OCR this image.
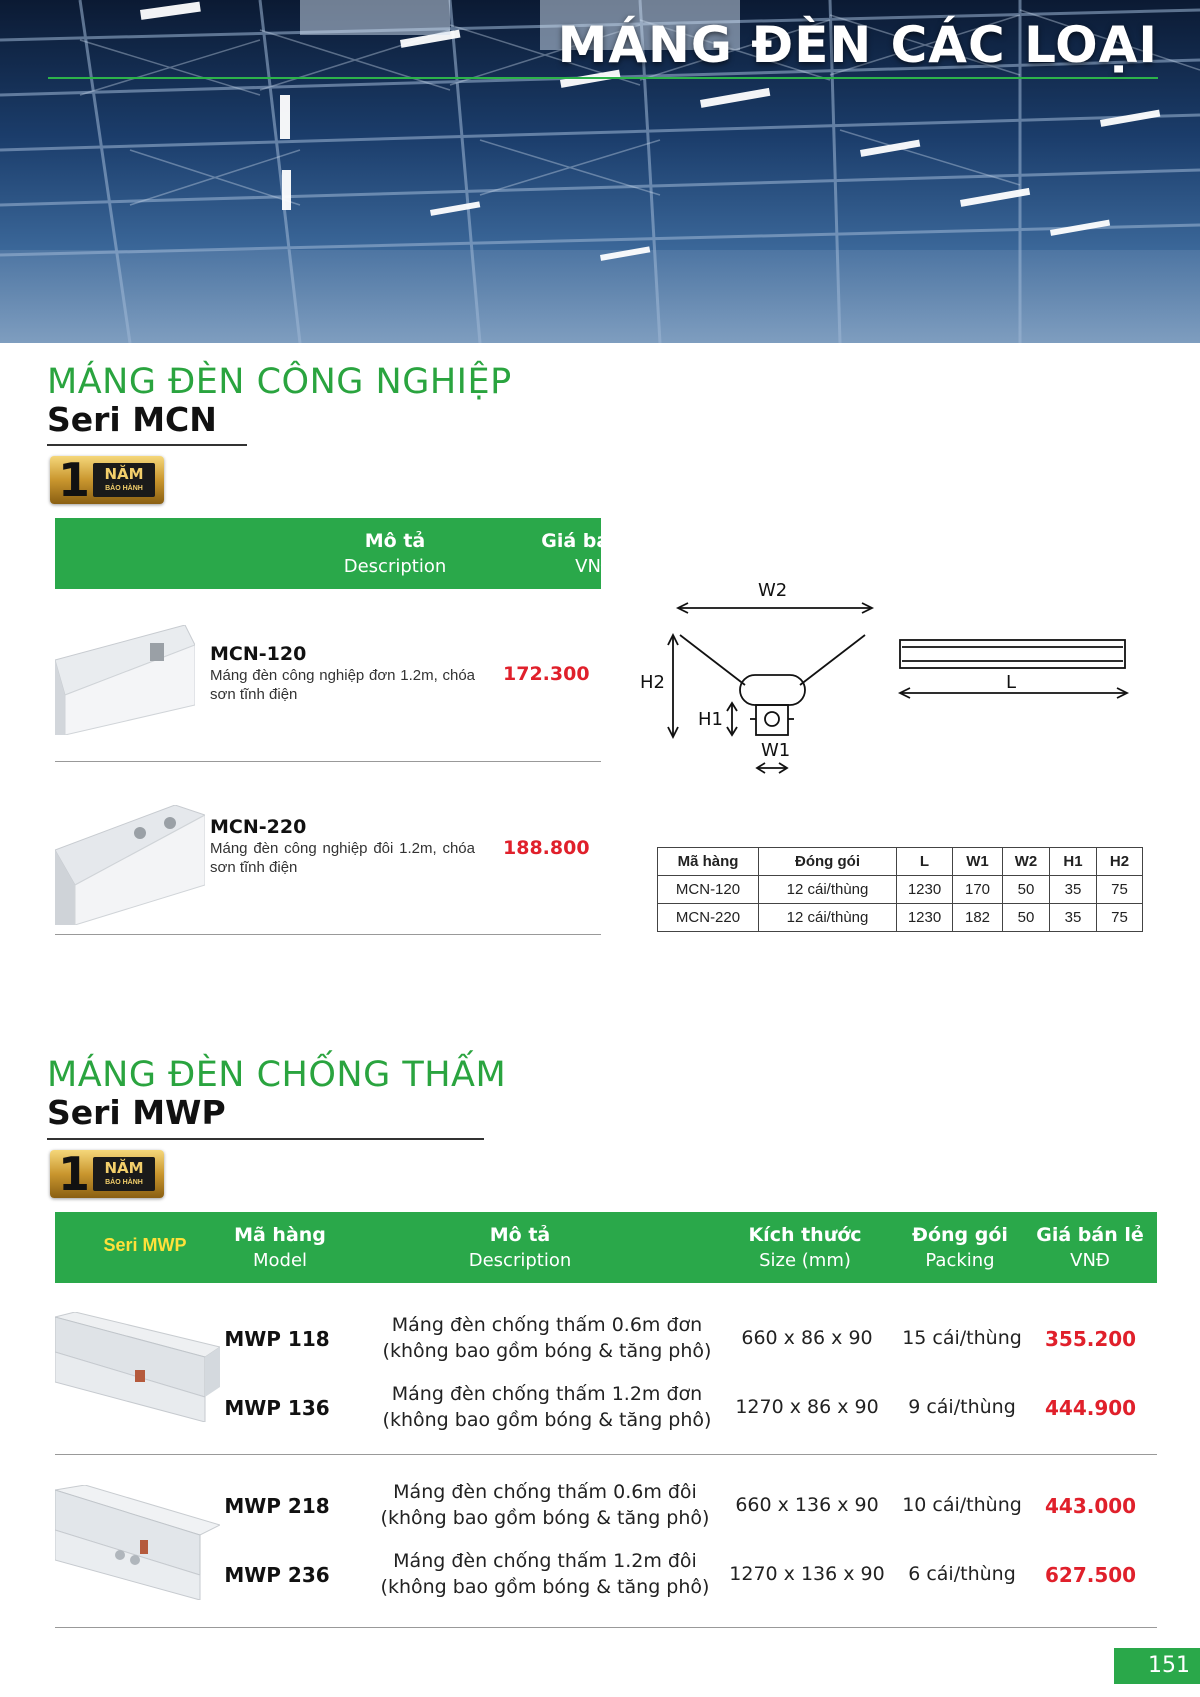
MÁNG ĐÈN CÁC LOẠI
MÁNG ĐÈN CÔNG NGHIỆP
Seri MCN
1 NĂM
BẢO HÀNH
Mô tả
Description
Giá bán lẻ
VNĐ
MCN-120
Máng đèn công nghiệp đơn 1.2m, chóa sơn tĩnh điện
172.300
MCN-220
Máng đèn công nghiệp đôi 1.2m, chóa sơn tĩnh điện
188.800
W2
H2
H1
W1
L
Mã hàng	Đóng gói	L	W1	W2	H1	H2
MCN-120	12 cái/thùng	1230	170	50	35	75
MCN-220	12 cái/thùng	1230	182	50	35	75
MÁNG ĐÈN CHỐNG THẤM
Seri MWP
1 NĂM
BẢO HÀNH
Seri MWP	Mã hàng
Model
Mô tả
Description
Kích thước
Size (mm)
Đóng gói
Packing
Giá bán lẻ
VNĐ
MWP 118
Máng đèn chống thấm 0.6m đơn
(không bao gồm bóng & tăng phô)
660 x 86 x 90	15 cái/thùng	355.200
MWP 136
Máng đèn chống thấm 1.2m đơn
(không bao gồm bóng & tăng phô)
1270 x 86 x 90	9 cái/thùng	444.900
MWP 218
Máng đèn chống thấm 0.6m đôi
(không bao gồm bóng & tăng phô)
660 x 136 x 90	10 cái/thùng	443.000
MWP 236
Máng đèn chống thấm 1.2m đôi
(không bao gồm bóng & tăng phô)
1270 x 136 x 90	6 cái/thùng	627.500
151
